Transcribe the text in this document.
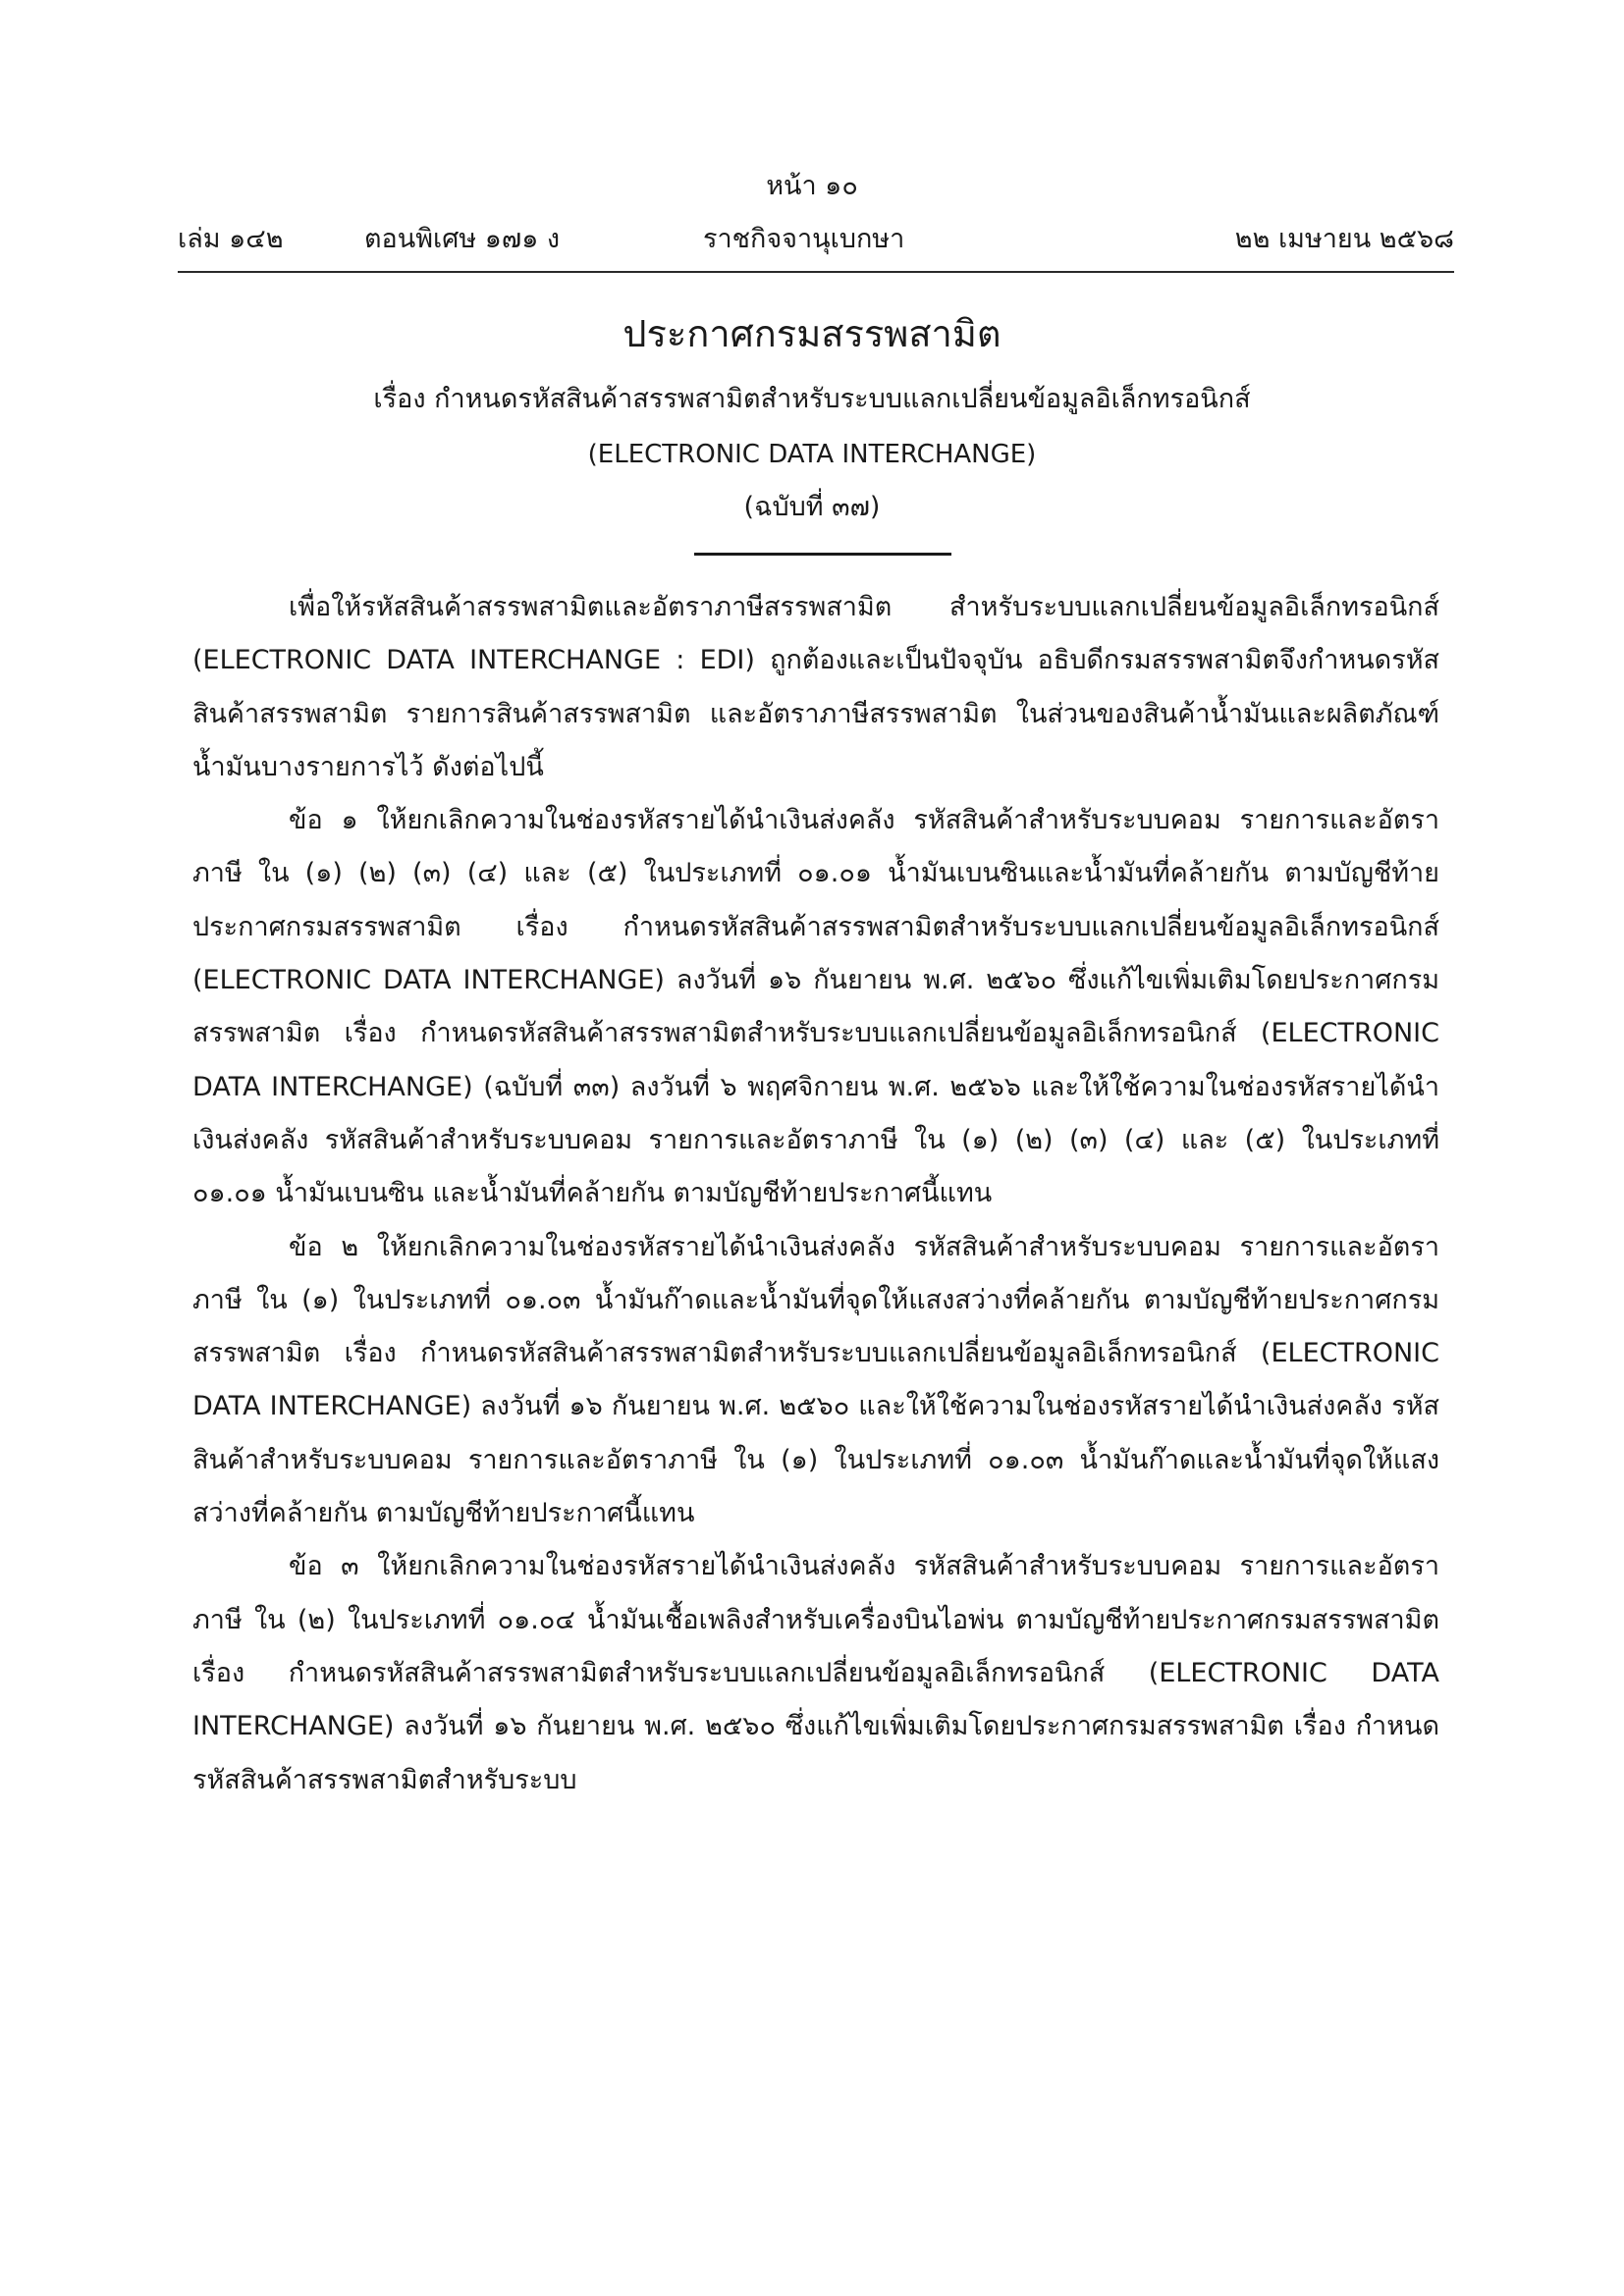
หน้า ๑๐
เล่ม ๑๔๒	ตอนพิเศษ ๑๗๑ ง	ราชกิจจานุเบกษา	๒๒ เมษายน ๒๕๖๘
ประกาศกรมสรรพสามิต
เรื่อง กำหนดรหัสสินค้าสรรพสามิตสำหรับระบบแลกเปลี่ยนข้อมูลอิเล็กทรอนิกส์
(ELECTRONIC DATA INTERCHANGE)
(ฉบับที่ ๓๗)

เพื่อให้รหัสสินค้าสรรพสามิตและอัตราภาษีสรรพสามิต สำหรับระบบแลกเปลี่ยนข้อมูลอิเล็กทรอนิกส์ (ELECTRONIC DATA INTERCHANGE : EDI) ถูกต้องและเป็นปัจจุบัน อธิบดีกรมสรรพสามิตจึงกำหนดรหัสสินค้าสรรพสามิต รายการสินค้าสรรพสามิต และอัตราภาษีสรรพสามิต ในส่วนของสินค้าน้ำมันและผลิตภัณฑ์น้ำมันบางรายการไว้ ดังต่อไปนี้

ข้อ ๑ ให้ยกเลิกความในช่องรหัสรายได้นำเงินส่งคลัง รหัสสินค้าสำหรับระบบคอม รายการและอัตราภาษี ใน (๑) (๒) (๓) (๔) และ (๕) ในประเภทที่ ๐๑.๐๑ น้ำมันเบนซินและน้ำมันที่คล้ายกัน ตามบัญชีท้ายประกาศกรมสรรพสามิต เรื่อง กำหนดรหัสสินค้าสรรพสามิตสำหรับระบบแลกเปลี่ยนข้อมูลอิเล็กทรอนิกส์ (ELECTRONIC DATA INTERCHANGE) ลงวันที่ ๑๖ กันยายน พ.ศ. ๒๕๖๐ ซึ่งแก้ไขเพิ่มเติมโดยประกาศกรมสรรพสามิต เรื่อง กำหนดรหัสสินค้าสรรพสามิตสำหรับระบบแลกเปลี่ยนข้อมูลอิเล็กทรอนิกส์ (ELECTRONIC DATA INTERCHANGE) (ฉบับที่ ๓๓) ลงวันที่ ๖ พฤศจิกายน พ.ศ. ๒๕๖๖ และให้ใช้ความในช่องรหัสรายได้นำเงินส่งคลัง รหัสสินค้าสำหรับระบบคอม รายการและอัตราภาษี ใน (๑) (๒) (๓) (๔) และ (๕) ในประเภทที่ ๐๑.๐๑ น้ำมันเบนซิน และน้ำมันที่คล้ายกัน ตามบัญชีท้ายประกาศนี้แทน

ข้อ ๒ ให้ยกเลิกความในช่องรหัสรายได้นำเงินส่งคลัง รหัสสินค้าสำหรับระบบคอม รายการและอัตราภาษี ใน (๑) ในประเภทที่ ๐๑.๐๓ น้ำมันก๊าดและน้ำมันที่จุดให้แสงสว่างที่คล้ายกัน ตามบัญชีท้ายประกาศกรมสรรพสามิต เรื่อง กำหนดรหัสสินค้าสรรพสามิตสำหรับระบบแลกเปลี่ยนข้อมูลอิเล็กทรอนิกส์ (ELECTRONIC DATA INTERCHANGE) ลงวันที่ ๑๖ กันยายน พ.ศ. ๒๕๖๐ และให้ใช้ความในช่องรหัสรายได้นำเงินส่งคลัง รหัสสินค้าสำหรับระบบคอม รายการและอัตราภาษี ใน (๑) ในประเภทที่ ๐๑.๐๓ น้ำมันก๊าดและน้ำมันที่จุดให้แสงสว่างที่คล้ายกัน ตามบัญชีท้ายประกาศนี้แทน

ข้อ ๓ ให้ยกเลิกความในช่องรหัสรายได้นำเงินส่งคลัง รหัสสินค้าสำหรับระบบคอม รายการและอัตราภาษี ใน (๒) ในประเภทที่ ๐๑.๐๔ น้ำมันเชื้อเพลิงสำหรับเครื่องบินไอพ่น ตามบัญชีท้ายประกาศกรมสรรพสามิต เรื่อง กำหนดรหัสสินค้าสรรพสามิตสำหรับระบบแลกเปลี่ยนข้อมูลอิเล็กทรอนิกส์ (ELECTRONIC DATA INTERCHANGE) ลงวันที่ ๑๖ กันยายน พ.ศ. ๒๕๖๐ ซึ่งแก้ไขเพิ่มเติมโดยประกาศกรมสรรพสามิต เรื่อง กำหนดรหัสสินค้าสรรพสามิตสำหรับระบบ
